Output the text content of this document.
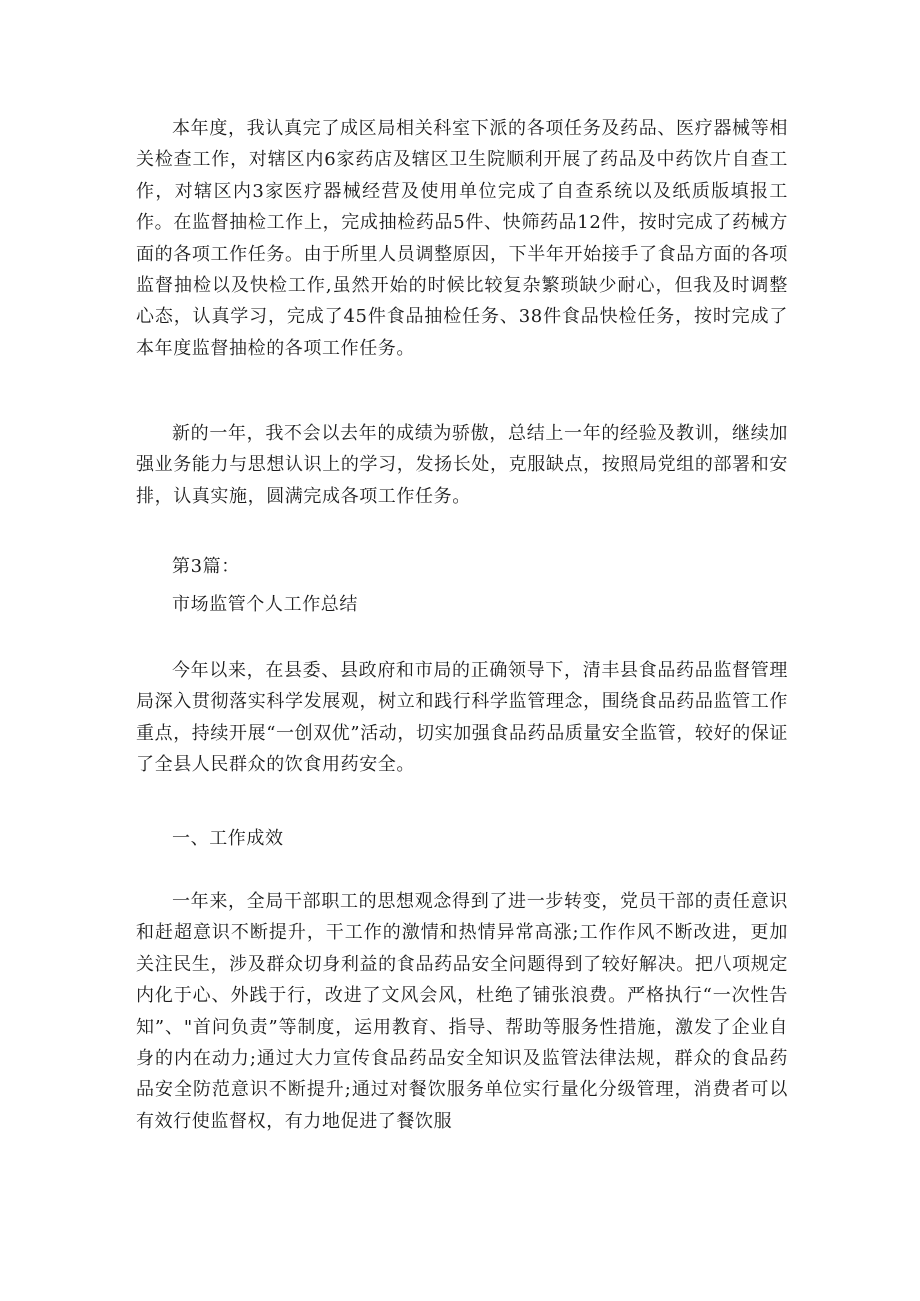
本年度，我认真完了成区局相关科室下派的各项任务及药品、医疗器械等相关检查工作，对辖区内6家药店及辖区卫生院顺利开展了药品及中药饮片自查工作，对辖区内3家医疗器械经营及使用单位完成了自查系统以及纸质版填报工作。在监督抽检工作上，完成抽检药品5件、快筛药品12件，按时完成了药械方面的各项工作任务。由于所里人员调整原因，下半年开始接手了食品方面的各项监督抽检以及快检工作,虽然开始的时候比较复杂繁琐缺少耐心，但我及时调整心态，认真学习，完成了45件食品抽检任务、38件食品快检任务，按时完成了本年度监督抽检的各项工作任务。

新的一年，我不会以去年的成绩为骄傲，总结上一年的经验及教训，继续加强业务能力与思想认识上的学习，发扬长处，克服缺点，按照局党组的部署和安排，认真实施，圆满完成各项工作任务。

第3篇：

市场监管个人工作总结

今年以来，在县委、县政府和市局的正确领导下，清丰县食品药品监督管理局深入贯彻落实科学发展观，树立和践行科学监管理念，围绕食品药品监管工作重点，持续开展“一创双优”活动，切实加强食品药品质量安全监管，较好的保证了全县人民群众的饮食用药安全。

一、工作成效

一年来，全局干部职工的思想观念得到了进一步转变，党员干部的责任意识和赶超意识不断提升，干工作的激情和热情异常高涨;工作作风不断改进，更加关注民生，涉及群众切身利益的食品药品安全问题得到了较好解决。把八项规定内化于心、外践于行，改进了文风会风，杜绝了铺张浪费。严格执行“一次性告知”、"首问负责”等制度，运用教育、指导、帮助等服务性措施，激发了企业自身的内在动力;通过大力宣传食品药品安全知识及监管法律法规，群众的食品药品安全防范意识不断提升;通过对餐饮服务单位实行量化分级管理，消费者可以有效行使监督权，有力地促进了餐饮服
